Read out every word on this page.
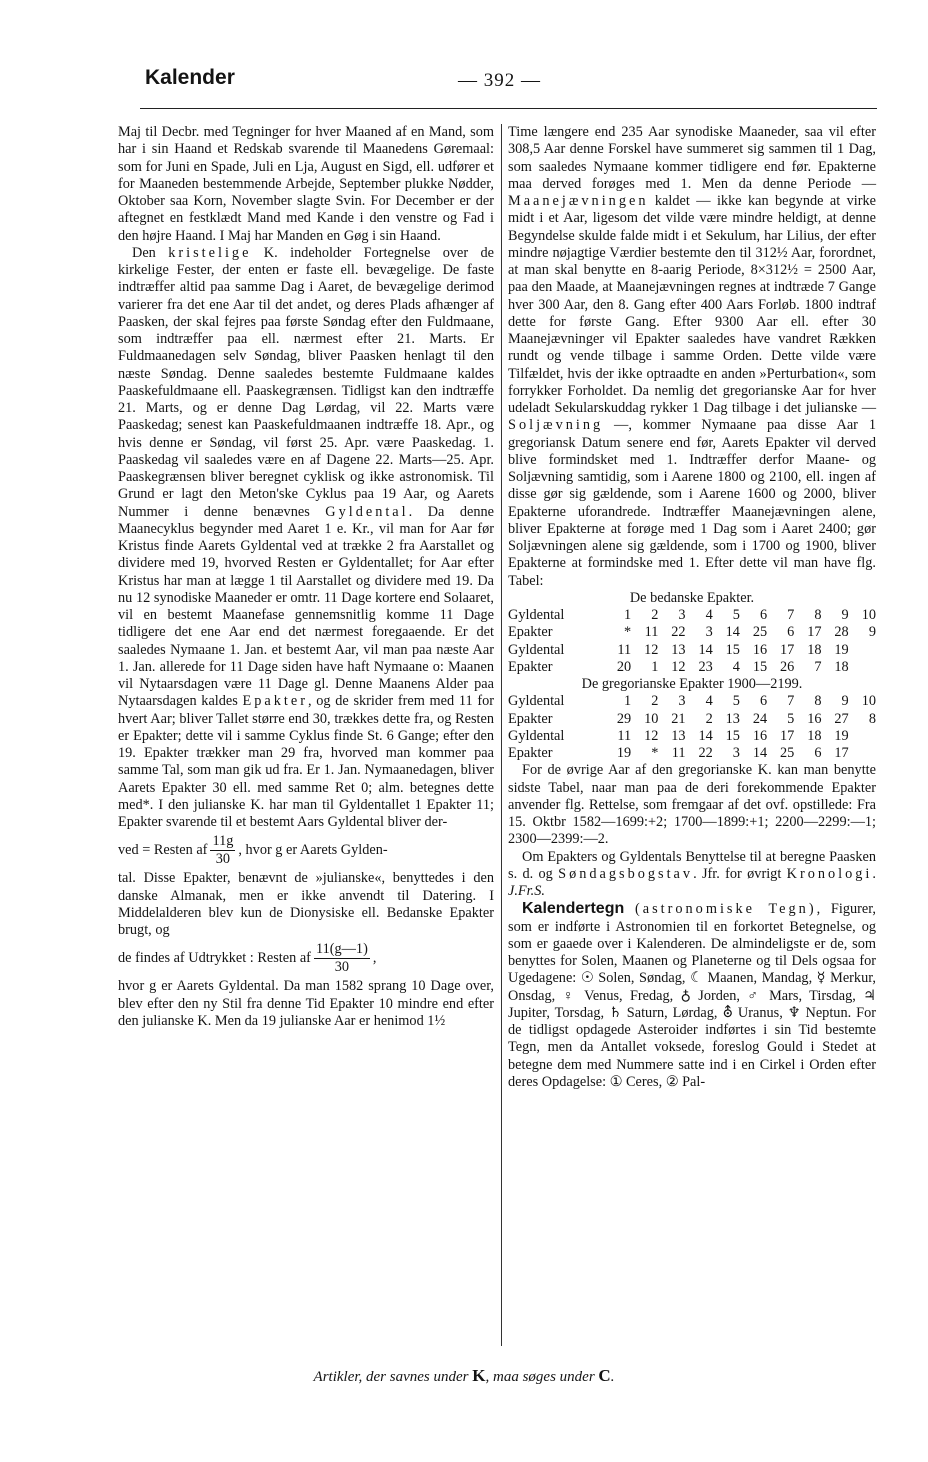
Kalender	— 392 —

Maj til Decbr. med Tegninger for hver Maaned af en Mand, som har i sin Haand et Redskab svarende til Maanedens Gøremaal: som for Juni en Spade, Juli en Lja, August en Sigd, ell. udfører et for Maaneden bestemmende Arbejde, September plukke Nødder, Oktober saa Korn, November slagte Svin. For December er der aftegnet en festklædt Mand med Kande i den venstre og Fad i den højre Haand. I Maj har Manden en Gøg i sin Haand.

Den kristelige K. indeholder Fortegnelse over de kirkelige Fester, der enten er faste ell. bevægelige. De faste indtræffer altid paa samme Dag i Aaret, de bevægelige derimod varierer fra det ene Aar til det andet, og deres Plads afhænger af Paasken, der skal fejres paa første Søndag efter den Fuldmaane, som indtræffer paa ell. nærmest efter 21. Marts. Er Fuldmaanedagen selv Søndag, bliver Paasken henlagt til den næste Søndag. Denne saaledes bestemte Fuldmaane kaldes Paaskefuldmaane ell. Paaskegrænsen. Tidligst kan den indtræffe 21. Marts, og er denne Dag Lørdag, vil 22. Marts være Paaskedag; senest kan Paaskefuldmaanen indtræffe 18. Apr., og hvis denne er Søndag, vil først 25. Apr. være Paaskedag. 1. Paaskedag vil saaledes være en af Dagene 22. Marts—25. Apr. Paaskegrænsen bliver beregnet cyklisk og ikke astronomisk. Til Grund er lagt den Meton'ske Cyklus paa 19 Aar, og Aarets Nummer i denne benævnes Gyldental. Da denne Maanecyklus begynder med Aaret 1 e. Kr., vil man for Aar før Kristus finde Aarets Gyldental ved at trække 2 fra Aarstallet og dividere med 19, hvorved Resten er Gyldentallet; for Aar efter Kristus har man at lægge 1 til Aarstallet og dividere med 19. Da nu 12 synodiske Maaneder er omtr. 11 Dage kortere end Solaaret, vil en bestemt Maanefase gennemsnitlig komme 11 Dage tidligere det ene Aar end det nærmest foregaaende. Er det saaledes Nymaane 1. Jan. et bestemt Aar, vil man paa næste Aar 1. Jan. allerede for 11 Dage siden have haft Nymaane o: Maanen vil Nytaarsdagen være 11 Dage gl. Denne Maanens Alder paa Nytaarsdagen kaldes Epakter, og de skrider frem med 11 for hvert Aar; bliver Tallet større end 30, trækkes dette fra, og Resten er Epakter; dette vil i samme Cyklus finde St. 6 Gange; efter den 19. Epakter trækker man 29 fra, hvorved man kommer paa samme Tal, som man gik ud fra. Er 1. Jan. Nymaanedagen, bliver Aarets Epakter 30 ell. med samme Ret 0; alm. betegnes dette med*. I den julianske K. har man til Gyldentallet 1 Epakter 11; Epakter svarende til et bestemt Aars Gyldental bliver der-

ved = Resten af $\frac{11g}{30}$ , hvor g er Aarets Gylden-

tal. Disse Epakter, benævnt de »julianske«, benyttedes i den danske Almanak, men er ikke anvendt til Datering. I Middelalderen blev kun de Dionysiske ell. Bedanske Epakter brugt, og

de findes af Udtrykket : Resten af $\frac{11(g—1)}{30}$ ,

hvor g er Aarets Gyldental. Da man 1582 sprang 10 Dage over, blev efter den ny Stil fra denne Tid Epakter 10 mindre end efter den julianske K. Men da 19 julianske Aar er henimod 1½

Time længere end 235 Aar synodiske Maaneder, saa vil efter 308,5 Aar denne Forskel have summeret sig sammen til 1 Dag, som saaledes Nymaane kommer tidligere end før. Epakterne maa derved forøges med 1. Men da denne Periode —Maanejævningen kaldet — ikke kan begynde at virke midt i et Aar, ligesom det vilde være mindre heldigt, at denne Begyndelse skulde falde midt i et Sekulum, har Lilius, der efter mindre nøjagtige Værdier bestemte den til 312½ Aar, forordnet, at man skal benytte en 8-aarig Periode, 8×312½ = 2500 Aar, paa den Maade, at Maanejævningen regnes at indtræde 7 Gange hver 300 Aar, den 8. Gang efter 400 Aars Forløb. 1800 indtraf dette for første Gang. Efter 9300 Aar ell. efter 30 Maanejævninger vil Epakter saaledes have vandret Rækken rundt og vende tilbage i samme Orden. Dette vilde være Tilfældet, hvis der ikke optraadte en anden »Perturbation«, som forrykker Forholdet. Da nemlig det gregorianske Aar for hver udeladt Sekularskuddag rykker 1 Dag tilbage i det julianske — Soljævning —, kommer Nymaane paa disse Aar 1 gregoriansk Datum senere end før, Aarets Epakter vil derved blive formindsket med 1. Indtræffer derfor Maane- og Soljævning samtidig, som i Aarene 1800 og 2100, ell. ingen af disse gør sig gældende, som i Aarene 1600 og 2000, bliver Epakterne uforandrede. Indtræffer Maanejævningen alene, bliver Epakterne at forøge med 1 Dag som i Aaret 2400; gør Soljævningen alene sig gældende, som i 1700 og 1900, bliver Epakterne at formindske med 1. Efter dette vil man have flg. Tabel:

De bedanske Epakter.
Gyldental	1	2	3	4	5	6	7	8	9	10
Epakter	*	11	22	3	14	25	6	17	28	9
Gyldental	11	12	13	14	15	16	17	18	19	
Epakter	20	1	12	23	4	15	26	7	18	
De gregorianske Epakter 1900—2199.
Gyldental	1	2	3	4	5	6	7	8	9	10
Epakter	29	10	21	2	13	24	5	16	27	8
Gyldental	11	12	13	14	15	16	17	18	19	
Epakter	19	*	11	22	3	14	25	6	17	

For de øvrige Aar af den gregorianske K. kan man benytte sidste Tabel, naar man paa de deri forekommende Epakter anvender flg. Rettelse, som fremgaar af det ovf. opstillede: Fra 15. Oktbr 1582—1699:+2; 1700—1899:+1; 2200—2299:—1; 2300—2399:—2.

Om Epakters og Gyldentals Benyttelse til at beregne Paasken s. d. og Søndagsbogstav. Jfr. for øvrigt Kronologi. J.Fr.S.

Kalendertegn (astronomiske Tegn), Figurer, som er indførte i Astronomien til en forkortet Betegnelse, og som er gaaede over i Kalenderen. De almindeligste er de, som benyttes for Solen, Maanen og Planeterne og til Dels ogsaa for Ugedagene: ☉ Solen, Søndag, ☾ Maanen, Mandag, ☿ Merkur, Onsdag, ♀ Venus, Fredag, ♁ Jorden, ♂ Mars, Tirsdag, ♃ Jupiter, Torsdag, ♄ Saturn, Lørdag, ⛢ Uranus, ♆ Neptun. For de tidligst opdagede Asteroider indførtes i sin Tid bestemte Tegn, men da Antallet voksede, foreslog Gould i Stedet at betegne dem med Nummere satte ind i en Cirkel i Orden efter deres Opdagelse: ① Ceres, ② Pal-

Artikler, der savnes under K, maa søges under C.
